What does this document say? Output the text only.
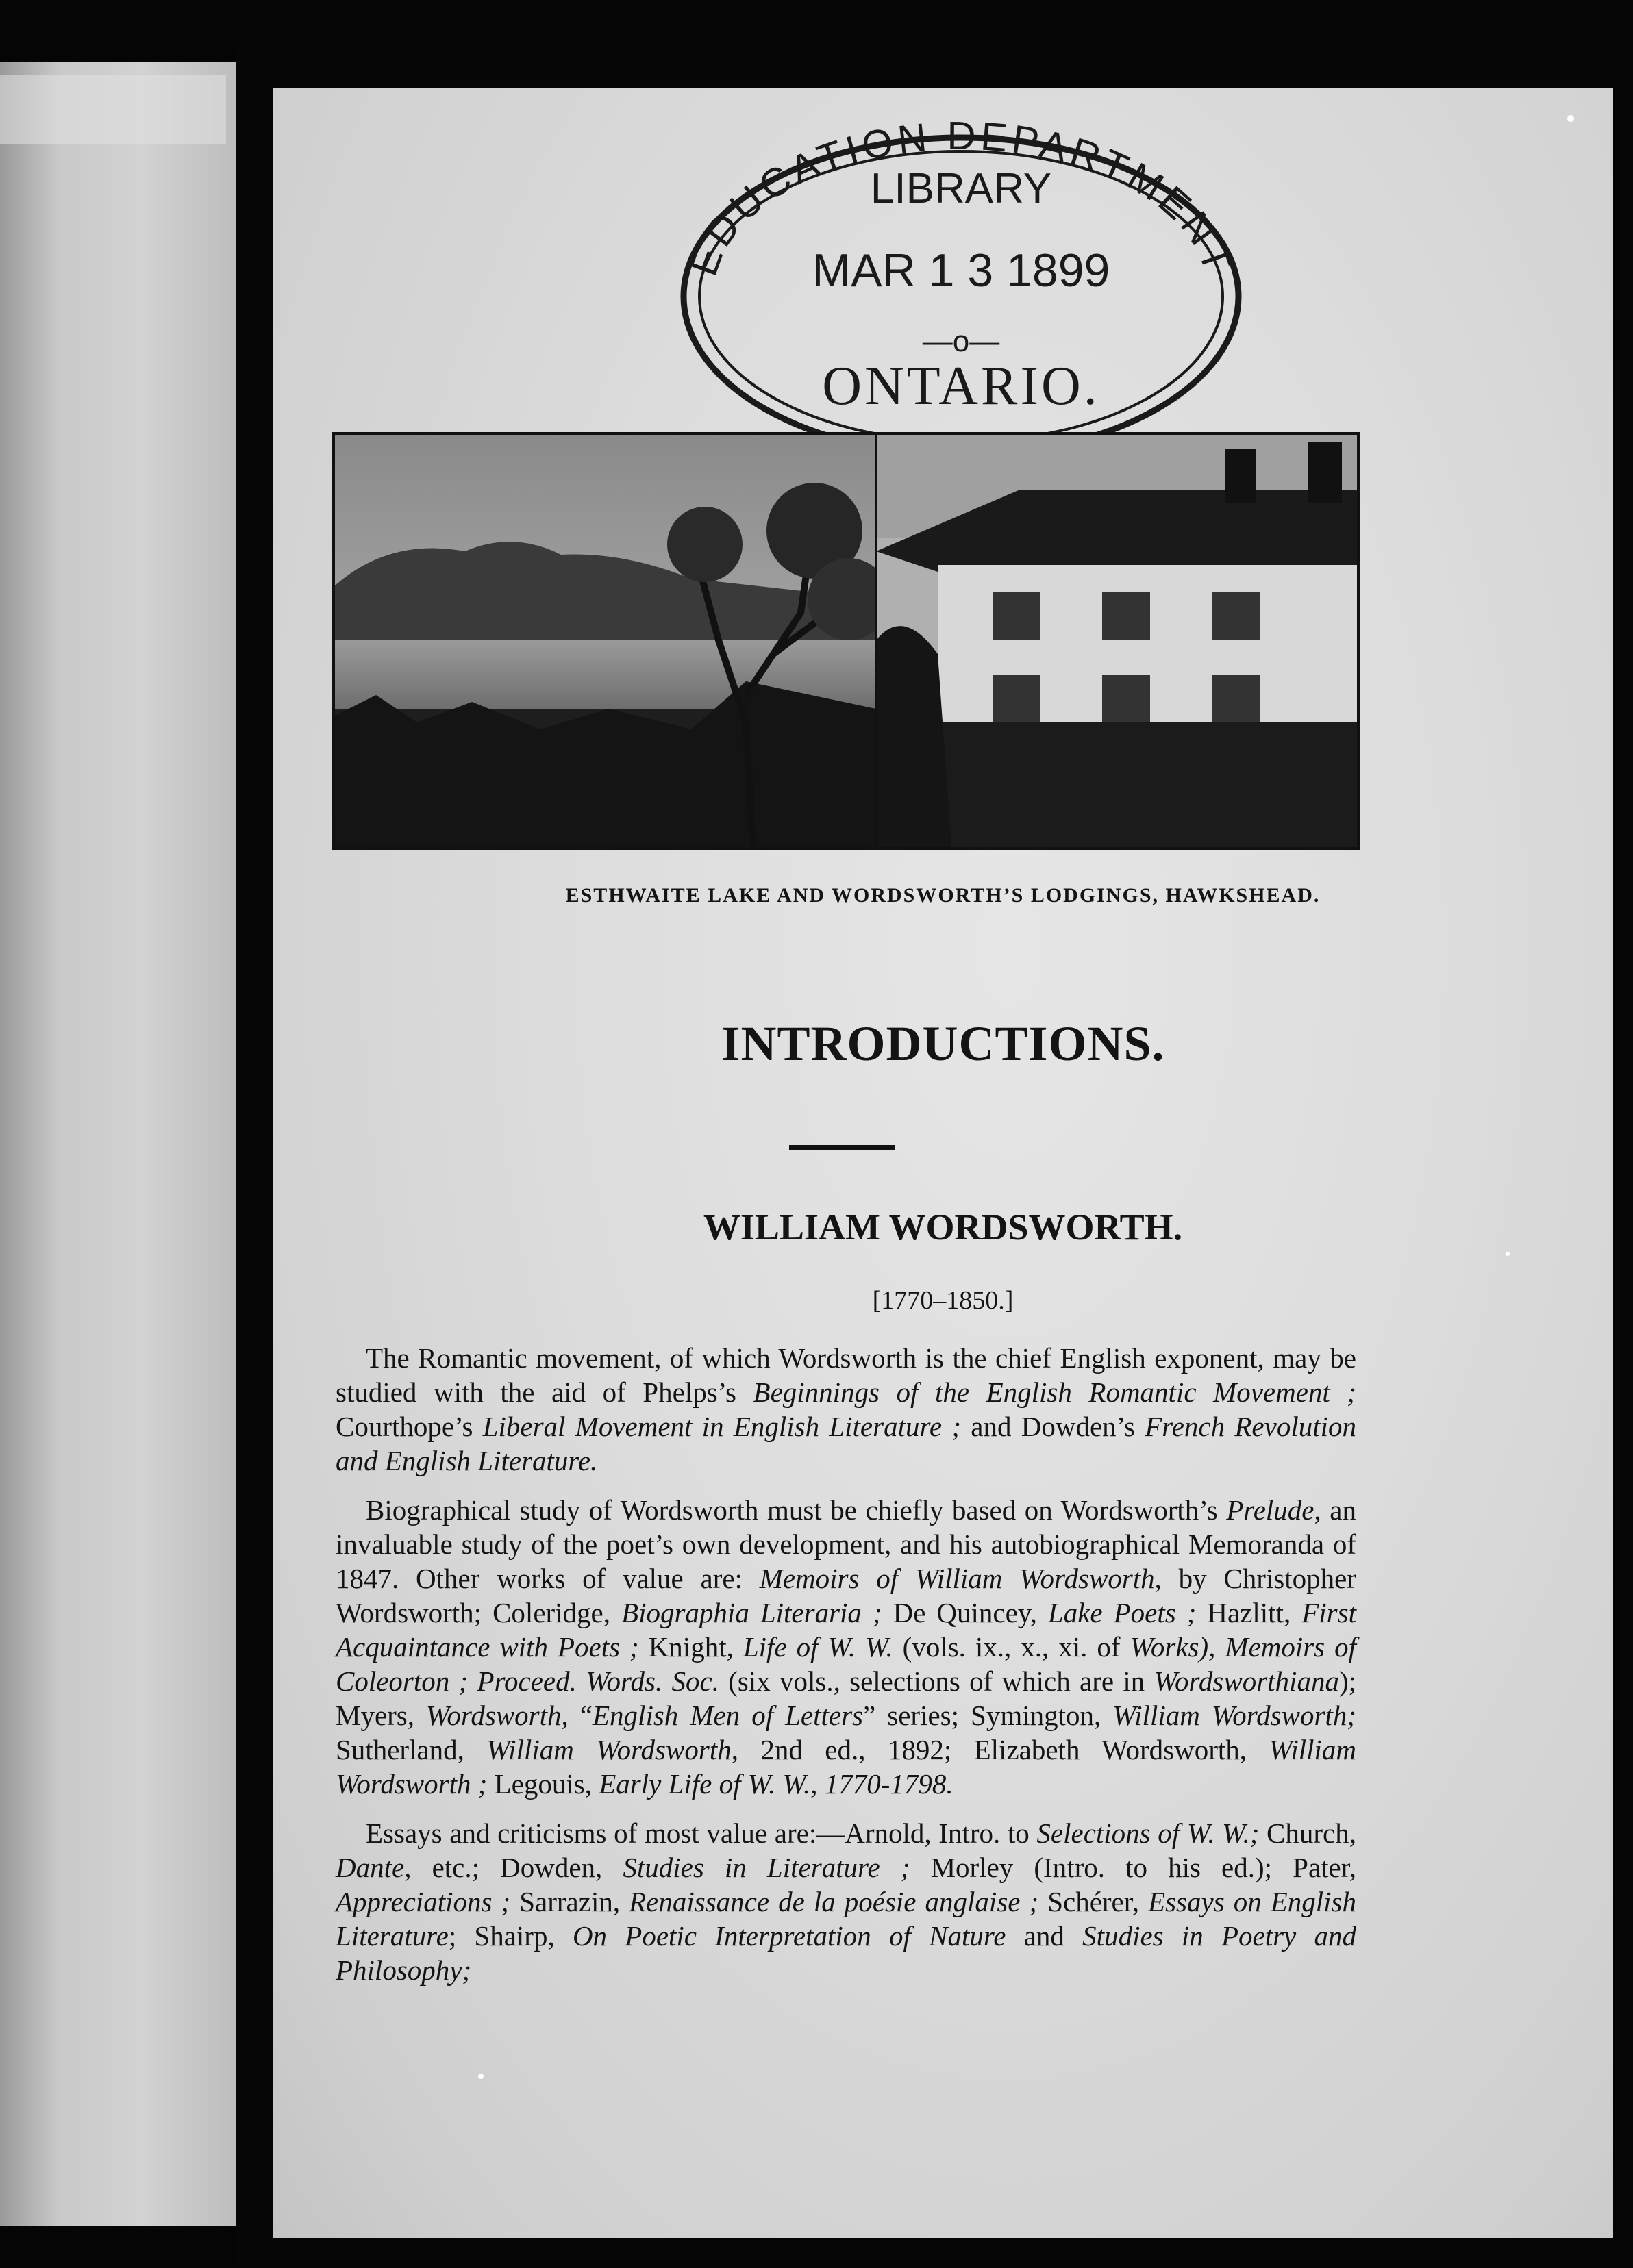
EDUCATION DEPARTMENT
LIBRARY
MAR 1 3 1899
—o—
ONTARIO.
ESTHWAITE LAKE AND WORDSWORTH’S LODGINGS, HAWKSHEAD.
INTRODUCTIONS.
WILLIAM WORDSWORTH.
[1770–1850.]

The Romantic movement, of which Wordsworth is the chief English exponent, may be studied with the aid of Phelps’s Beginnings of the English Romantic Movement ; Courthope’s Liberal Movement in English Literature ; and Dowden’s French Revolution and English Literature.

Biographical study of Wordsworth must be chiefly based on Wordsworth’s Prelude, an invaluable study of the poet’s own development, and his autobiographical Memoranda of 1847. Other works of value are: Memoirs of William Wordsworth, by Christopher Wordsworth; Coleridge, Biographia Literaria ; De Quincey, Lake Poets ; Hazlitt, First Acquaintance with Poets ; Knight, Life of W. W. (vols. ix., x., xi. of Works), Memoirs of Coleorton ; Proceed. Words. Soc. (six vols., selections of which are in Wordsworthiana); Myers, Wordsworth, “English Men of Letters” series; Symington, William Wordsworth; Sutherland, William Wordsworth, 2nd ed., 1892; Elizabeth Wordsworth, William Wordsworth ; Legouis, Early Life of W. W., 1770-1798.

Essays and criticisms of most value are:—Arnold, Intro. to Selections of W. W.; Church, Dante, etc.; Dowden, Studies in Literature ; Morley (Intro. to his ed.); Pater, Appreciations ; Sarrazin, Renaissance de la poésie anglaise ; Schérer, Essays on English Literature; Shairp, On Poetic Interpretation of Nature and Studies in Poetry and Philosophy;
